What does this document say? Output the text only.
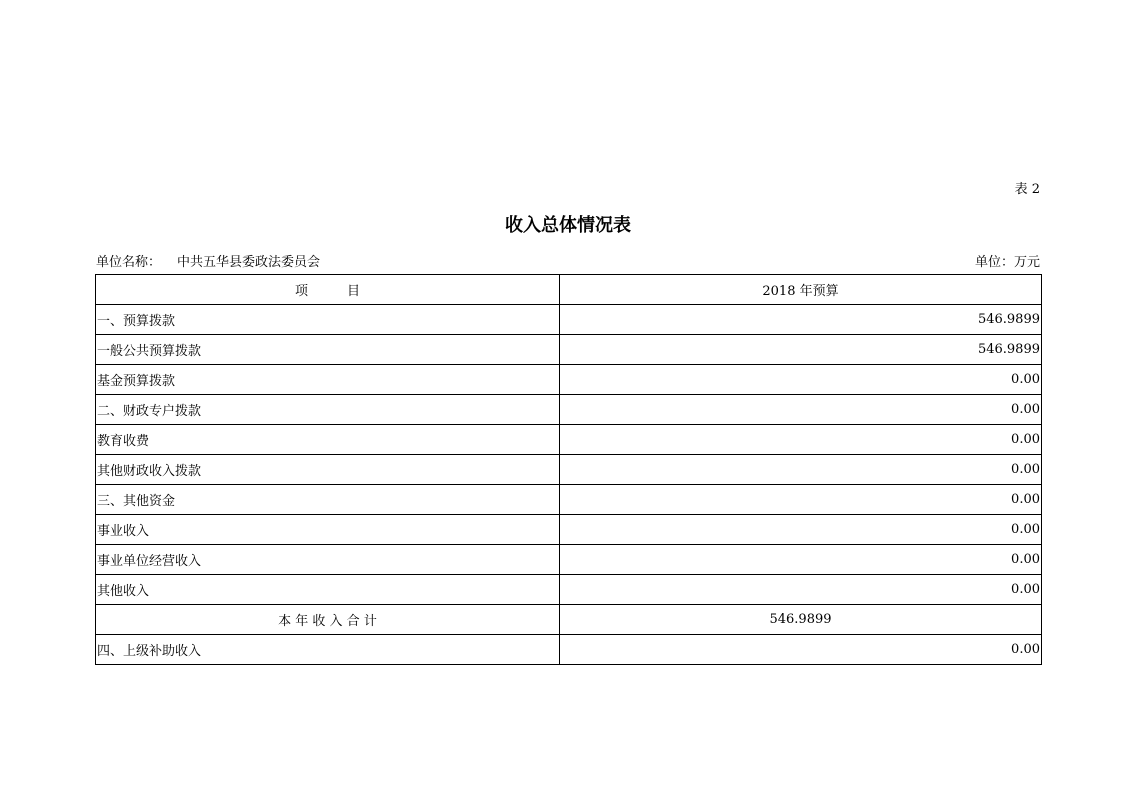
表 2
收入总体情况表
单位名称： 中共五华县委政法委员会	单位：万元
项　　　目	2018 年预算
一、预算拨款	546.9899
一般公共预算拨款	546.9899
基金预算拨款	0.00
二、财政专户拨款	0.00
教育收费	0.00
其他财政收入拨款	0.00
三、其他资金	0.00
事业收入	0.00
事业单位经营收入	0.00
其他收入	0.00
本 年 收 入 合 计	546.9899
四、上级补助收入	0.00
